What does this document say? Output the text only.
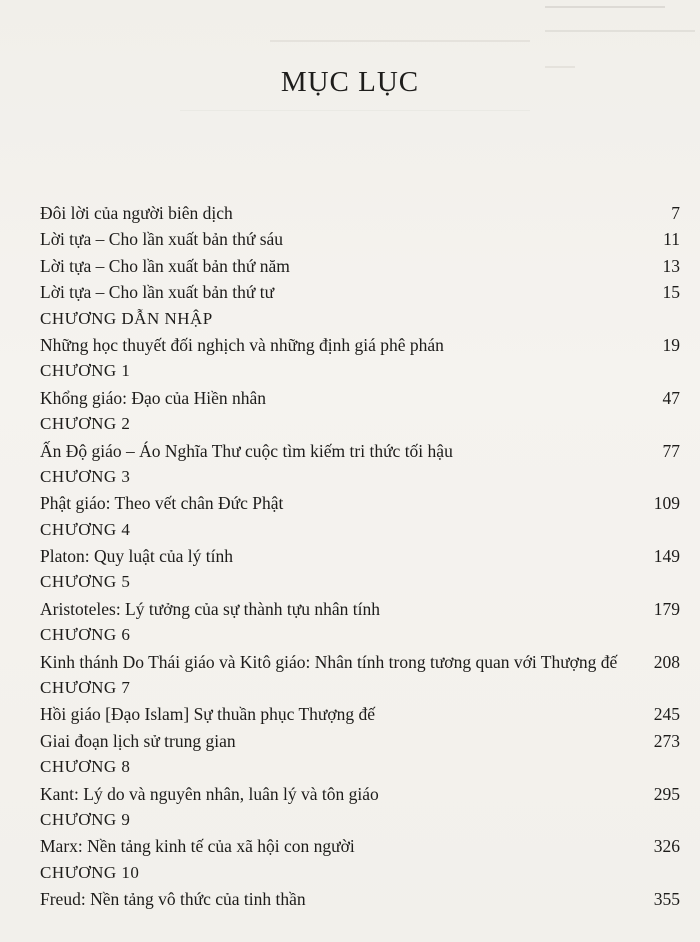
MỤC LỤC
Đôi lời của người biên dịch	7
Lời tựa – Cho lần xuất bản thứ sáu	11
Lời tựa – Cho lần xuất bản thứ năm	13
Lời tựa – Cho lần xuất bản thứ tư	15
CHƯƠNG DẪN NHẬP
Những học thuyết đối nghịch và những định giá phê phán	19
CHƯƠNG 1
Khổng giáo: Đạo của Hiền nhân	47
CHƯƠNG 2
Ấn Độ giáo – Áo Nghĩa Thư cuộc tìm kiếm tri thức tối hậu	77
CHƯƠNG 3
Phật giáo: Theo vết chân Đức Phật	109
CHƯƠNG 4
Platon: Quy luật của lý tính	149
CHƯƠNG 5
Aristoteles: Lý tưởng của sự thành tựu nhân tính	179
CHƯƠNG 6
Kinh thánh Do Thái giáo và Kitô giáo: Nhân tính trong tương quan với Thượng đế 208
CHƯƠNG 7
Hồi giáo [Đạo Islam] Sự thuần phục Thượng đế	245
Giai đoạn lịch sử trung gian	273
CHƯƠNG 8
Kant: Lý do và nguyên nhân, luân lý và tôn giáo	295
CHƯƠNG 9
Marx: Nền tảng kinh tế của xã hội con người	326
CHƯƠNG 10
Freud: Nền tảng vô thức của tinh thần	355
